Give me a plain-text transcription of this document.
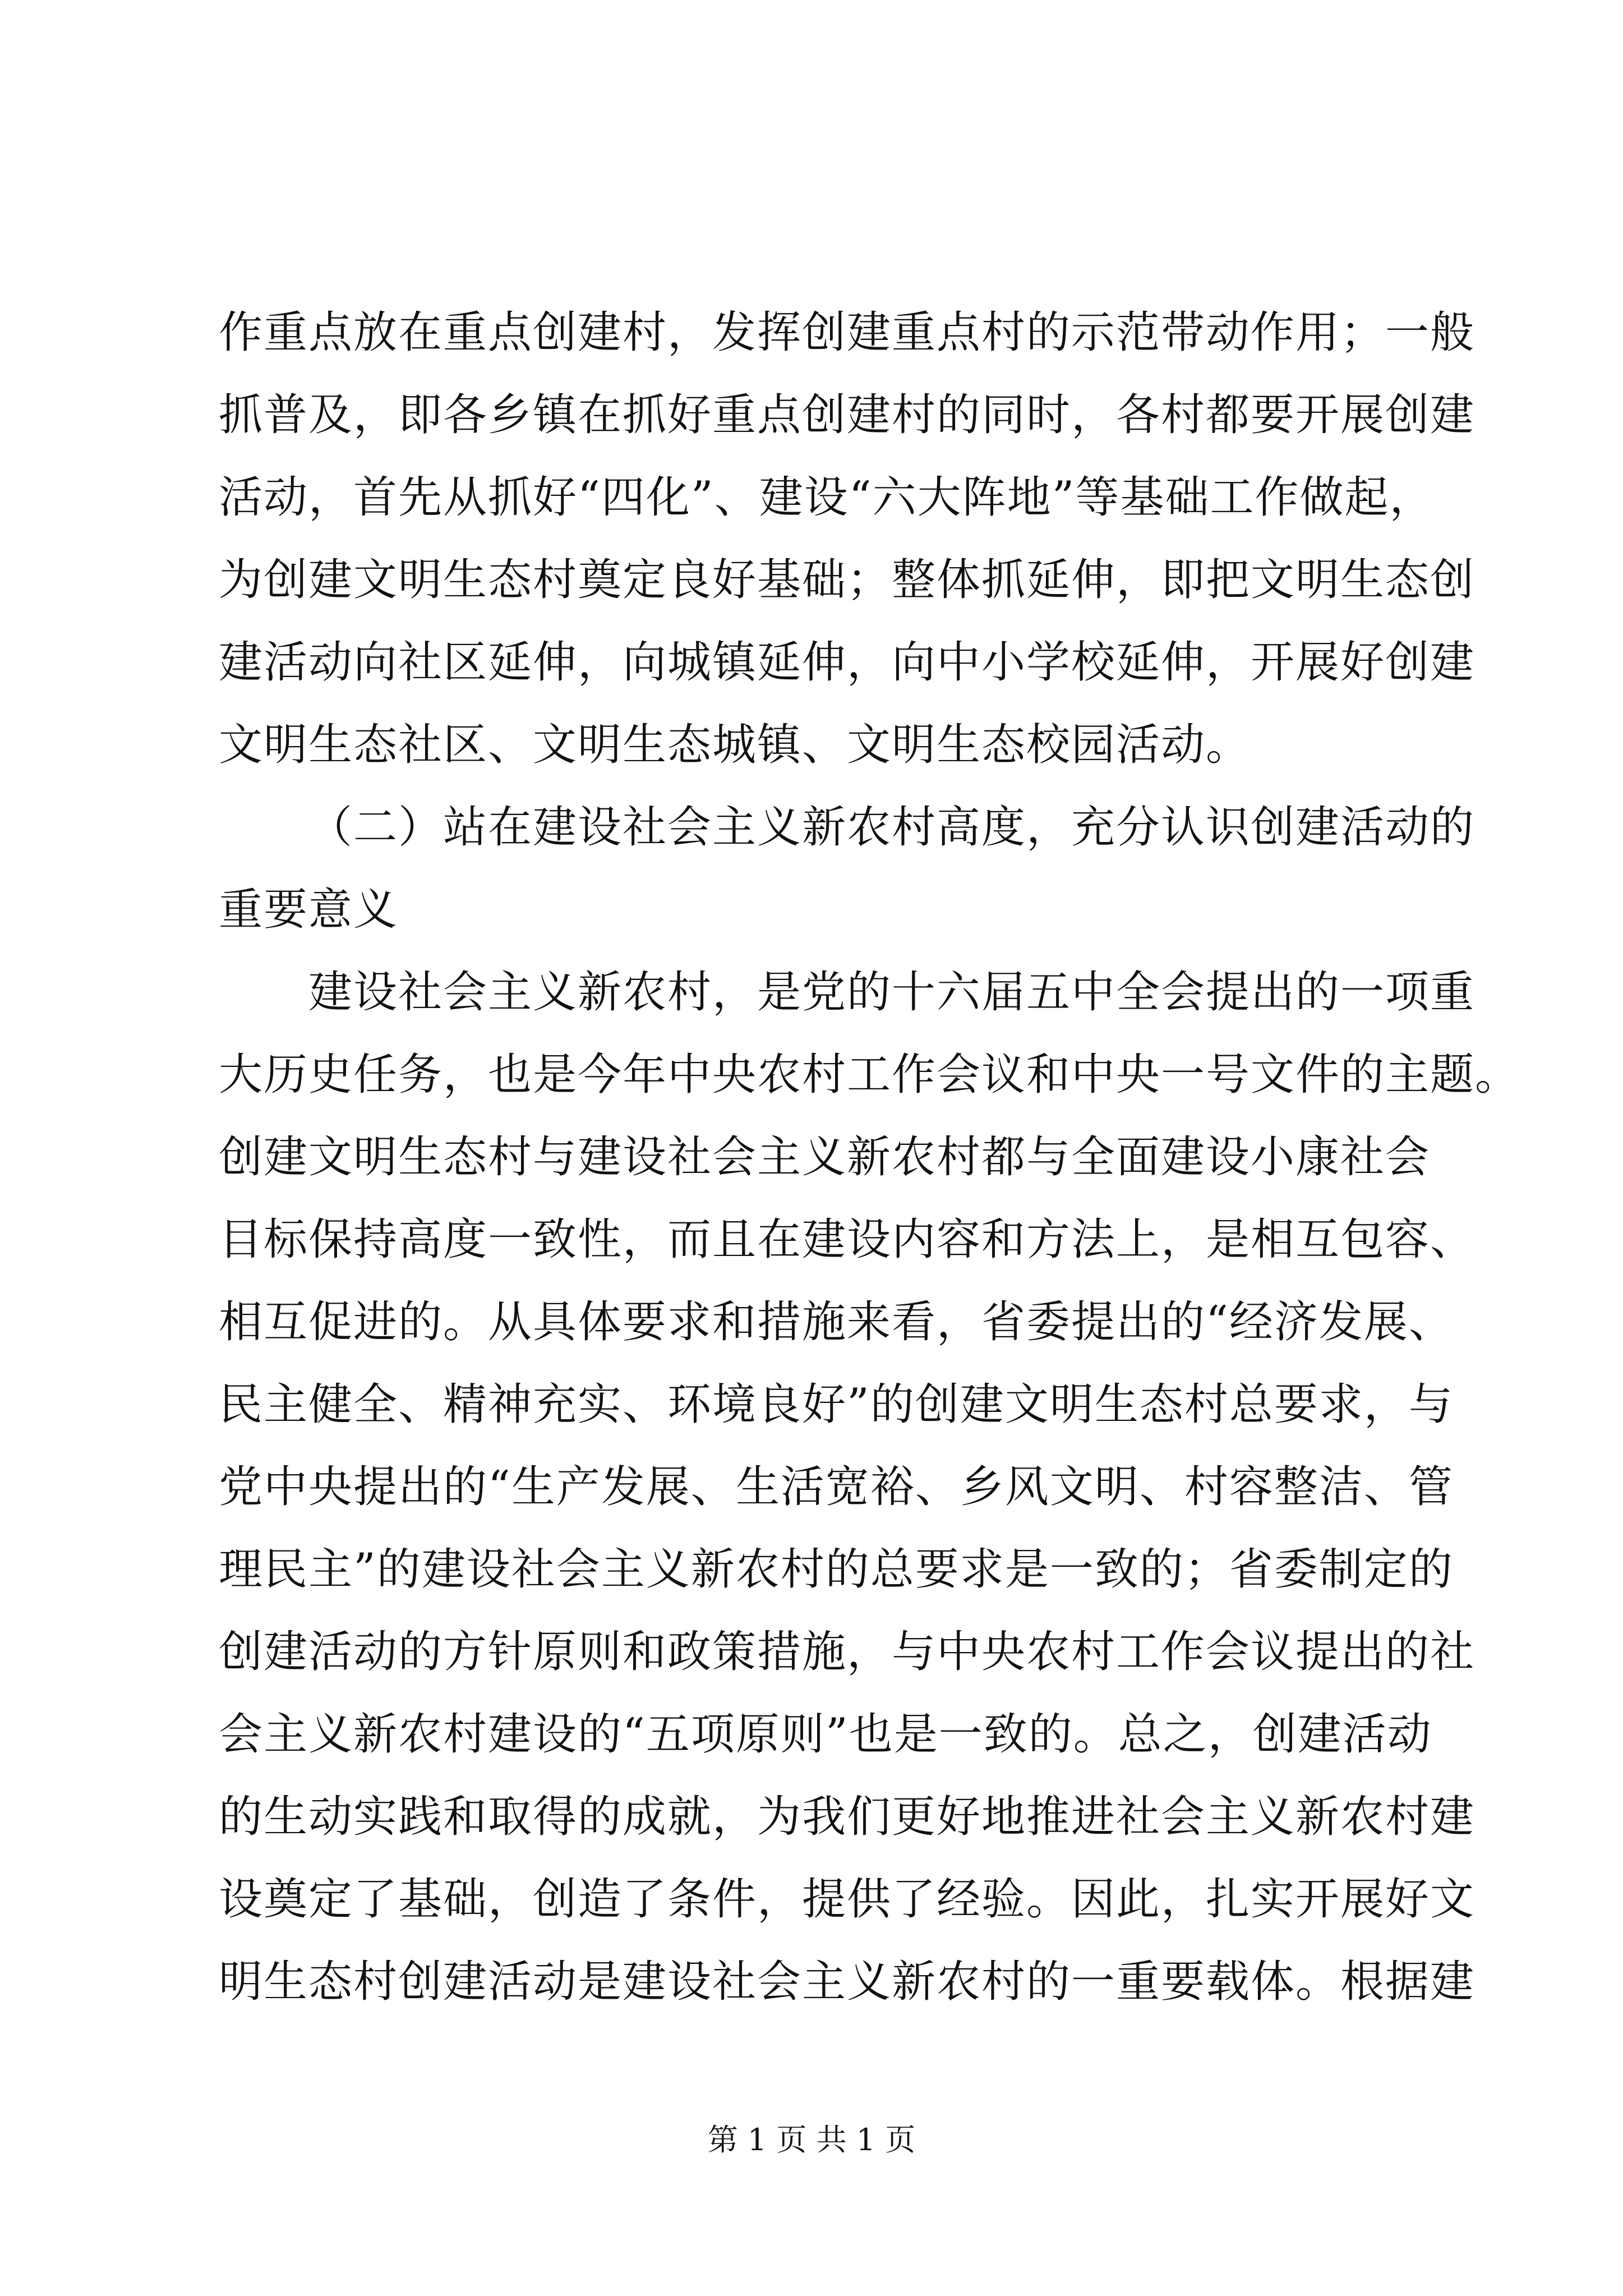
作重点放在重点创建村，发挥创建重点村的示范带动作用；一般
抓普及，即各乡镇在抓好重点创建村的同时，各村都要开展创建
活动，首先从抓好“四化”、建设“六大阵地”等基础工作做起，
为创建文明生态村奠定良好基础；整体抓延伸，即把文明生态创
建活动向社区延伸，向城镇延伸，向中小学校延伸，开展好创建
文明生态社区、文明生态城镇、文明生态校园活动。
（二）站在建设社会主义新农村高度，充分认识创建活动的
重要意义
建设社会主义新农村，是党的十六届五中全会提出的一项重
大历史任务，也是今年中央农村工作会议和中央一号文件的主题。
创建文明生态村与建设社会主义新农村都与全面建设小康社会
目标保持高度一致性，而且在建设内容和方法上，是相互包容、
相互促进的。从具体要求和措施来看，省委提出的“经济发展、
民主健全、精神充实、环境良好”的创建文明生态村总要求，与
党中央提出的“生产发展、生活宽裕、乡风文明、村容整洁、管
理民主”的建设社会主义新农村的总要求是一致的；省委制定的
创建活动的方针原则和政策措施，与中央农村工作会议提出的社
会主义新农村建设的“五项原则”也是一致的。总之，创建活动
的生动实践和取得的成就，为我们更好地推进社会主义新农村建
设奠定了基础，创造了条件，提供了经验。因此，扎实开展好文
明生态村创建活动是建设社会主义新农村的一重要载体。根据建
第 1 页 共 1 页
